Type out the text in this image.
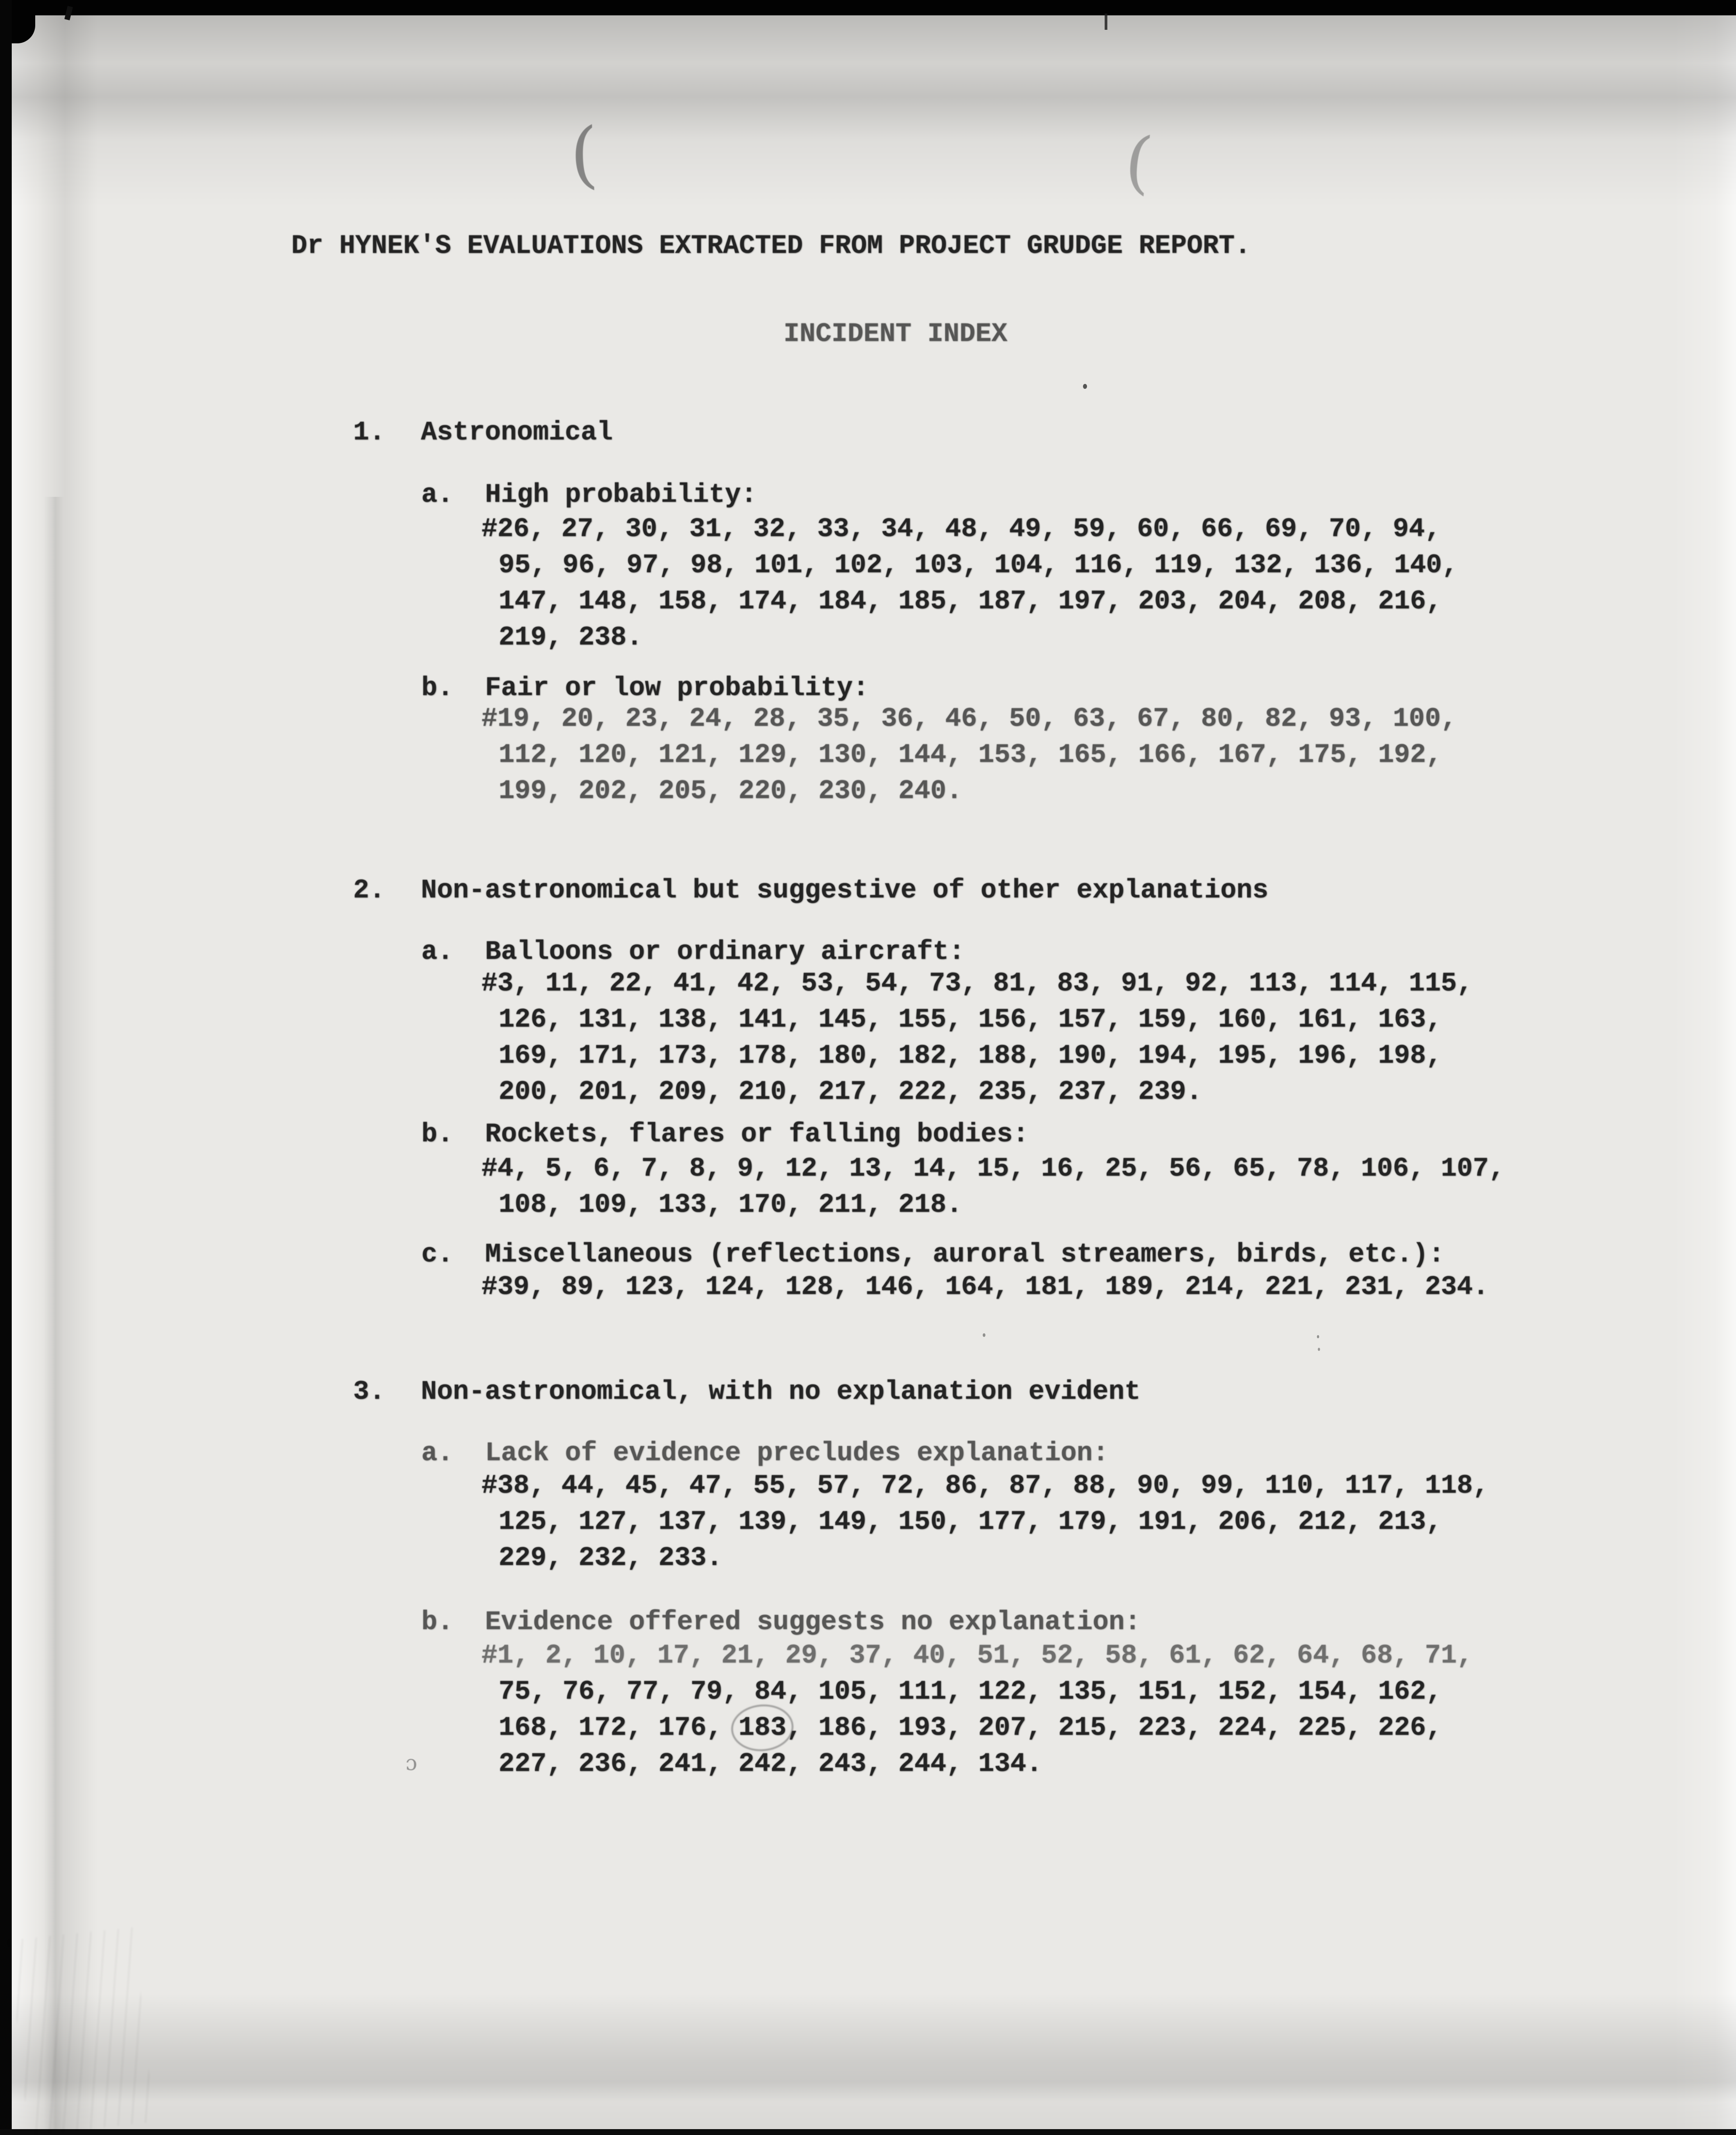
(	(
ɔ
Dr HYNEK'S EVALUATIONS EXTRACTED FROM PROJECT GRUDGE REPORT.
INCIDENT INDEX
1. Astronomical
a. High probability:
#26, 27, 30, 31, 32, 33, 34, 48, 49, 59, 60, 66, 69, 70, 94,
95, 96, 97, 98, 101, 102, 103, 104, 116, 119, 132, 136, 140,
147, 148, 158, 174, 184, 185, 187, 197, 203, 204, 208, 216,
219, 238.
b. Fair or low probability:
#19, 20, 23, 24, 28, 35, 36, 46, 50, 63, 67, 80, 82, 93, 100,
112, 120, 121, 129, 130, 144, 153, 165, 166, 167, 175, 192,
199, 202, 205, 220, 230, 240.
2. Non-astronomical but suggestive of other explanations
a. Balloons or ordinary aircraft:
#3, 11, 22, 41, 42, 53, 54, 73, 81, 83, 91, 92, 113, 114, 115,
126, 131, 138, 141, 145, 155, 156, 157, 159, 160, 161, 163,
169, 171, 173, 178, 180, 182, 188, 190, 194, 195, 196, 198,
200, 201, 209, 210, 217, 222, 235, 237, 239.
b. Rockets, flares or falling bodies:
#4, 5, 6, 7, 8, 9, 12, 13, 14, 15, 16, 25, 56, 65, 78, 106, 107,
108, 109, 133, 170, 211, 218.
c. Miscellaneous (reflections, auroral streamers, birds, etc.):
#39, 89, 123, 124, 128, 146, 164, 181, 189, 214, 221, 231, 234.
3. Non-astronomical, with no explanation evident
a. Lack of evidence precludes explanation:
#38, 44, 45, 47, 55, 57, 72, 86, 87, 88, 90, 99, 110, 117, 118,
125, 127, 137, 139, 149, 150, 177, 179, 191, 206, 212, 213,
229, 232, 233.
b. Evidence offered suggests no explanation:
#1, 2, 10, 17, 21, 29, 37, 40, 51, 52, 58, 61, 62, 64, 68, 71,
75, 76, 77, 79, 84, 105, 111, 122, 135, 151, 152, 154, 162,
168, 172, 176, 183, 186, 193, 207, 215, 223, 224, 225, 226,
227, 236, 241, 242, 243, 244, 134.
